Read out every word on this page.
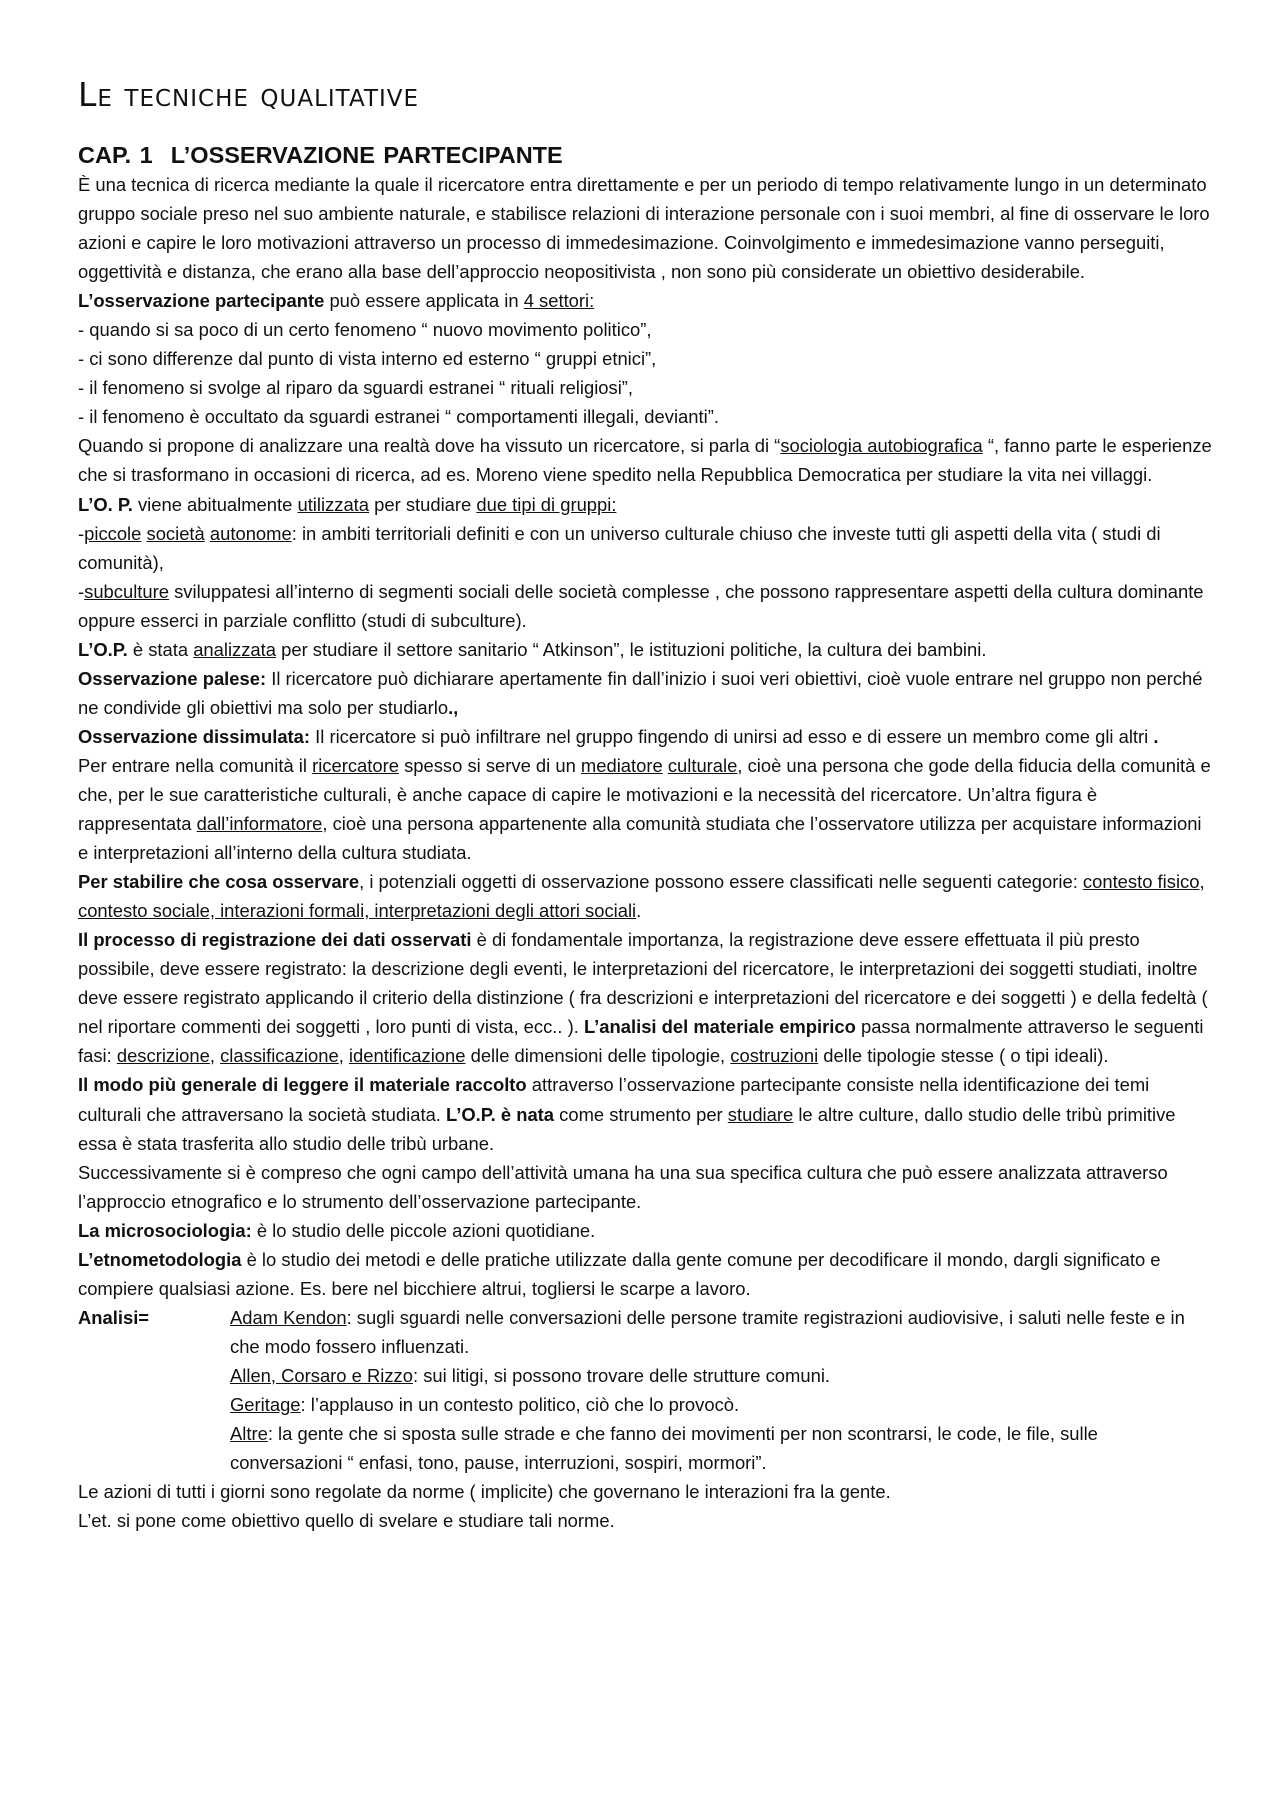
Le tecniche qualitative
CAP. 1 L’OSSERVAZIONE PARTECIPANTE

È una tecnica di ricerca mediante la quale il ricercatore entra direttamente e per un periodo di tempo relativamente lungo in un determinato gruppo sociale preso nel suo ambiente naturale, e stabilisce relazioni di interazione personale con i suoi membri, al fine di osservare le loro azioni e capire le loro motivazioni attraverso un processo di immedesimazione. Coinvolgimento e immedesimazione vanno perseguiti, oggettività e distanza, che erano alla base dell’approccio neopositivista , non sono più considerate un obiettivo desiderabile.

L’osservazione partecipante può essere applicata in 4 settori:

- quando si sa poco di un certo fenomeno “ nuovo movimento politico”,

- ci sono differenze dal punto di vista interno ed esterno “ gruppi etnici”,

- il fenomeno si svolge al riparo da sguardi estranei “ rituali religiosi”,

- il fenomeno è occultato da sguardi estranei “ comportamenti illegali, devianti”.

Quando si propone di analizzare una realtà dove ha vissuto un ricercatore, si parla di “sociologia autobiografica “, fanno parte le esperienze che si trasformano in occasioni di ricerca, ad es. Moreno viene spedito nella Repubblica Democratica per studiare la vita nei villaggi.

L’O. P. viene abitualmente utilizzata per studiare due tipi di gruppi:

-piccole società autonome: in ambiti territoriali definiti e con un universo culturale chiuso che investe tutti gli aspetti della vita ( studi di comunità),

-subculture sviluppatesi all’interno di segmenti sociali delle società complesse , che possono rappresentare aspetti della cultura dominante oppure esserci in parziale conflitto (studi di subculture).

L’O.P. è stata analizzata per studiare il settore sanitario “ Atkinson”, le istituzioni politiche, la cultura dei bambini.

Osservazione palese: Il ricercatore può dichiarare apertamente fin dall’inizio i suoi veri obiettivi, cioè vuole entrare nel gruppo non perché ne condivide gli obiettivi ma solo per studiarlo.,

Osservazione dissimulata: Il ricercatore si può infiltrare nel gruppo fingendo di unirsi ad esso e di essere un membro come gli altri .

Per entrare nella comunità il ricercatore spesso si serve di un mediatore culturale, cioè una persona che gode della fiducia della comunità e che, per le sue caratteristiche culturali, è anche capace di capire le motivazioni e la necessità del ricercatore. Un’altra figura è rappresentata dall’informatore, cioè una persona appartenente alla comunità studiata che l’osservatore utilizza per acquistare informazioni e interpretazioni all’interno della cultura studiata.

Per stabilire che cosa osservare, i potenziali oggetti di osservazione possono essere classificati nelle seguenti categorie: contesto fisico, contesto sociale, interazioni formali, interpretazioni degli attori sociali.

Il processo di registrazione dei dati osservati è di fondamentale importanza, la registrazione deve essere effettuata il più presto possibile, deve essere registrato: la descrizione degli eventi, le interpretazioni del ricercatore, le interpretazioni dei soggetti studiati, inoltre deve essere registrato applicando il criterio della distinzione ( fra descrizioni e interpretazioni del ricercatore e dei soggetti ) e della fedeltà ( nel riportare commenti dei soggetti , loro punti di vista, ecc.. ). L’analisi del materiale empirico passa normalmente attraverso le seguenti fasi: descrizione, classificazione, identificazione delle dimensioni delle tipologie, costruzioni delle tipologie stesse ( o tipi ideali).

Il modo più generale di leggere il materiale raccolto attraverso l’osservazione partecipante consiste nella identificazione dei temi culturali che attraversano la società studiata. L’O.P. è nata come strumento per studiare le altre culture, dallo studio delle tribù primitive essa è stata trasferita allo studio delle tribù urbane.

Successivamente si è compreso che ogni campo dell’attività umana ha una sua specifica cultura che può essere analizzata attraverso l’approccio etnografico e lo strumento dell’osservazione partecipante.

La microsociologia: è lo studio delle piccole azioni quotidiane.

L’etnometodologia è lo studio dei metodi e delle pratiche utilizzate dalla gente comune per decodificare il mondo, dargli significato e compiere qualsiasi azione. Es. bere nel bicchiere altrui, togliersi le scarpe a lavoro.

Analisi=	Adam Kendon: sugli sguardi nelle conversazioni delle persone tramite registrazioni audiovisive, i saluti nelle feste e in che modo fossero influenzati.

Allen, Corsaro e Rizzo: sui litigi, si possono trovare delle strutture comuni.

Geritage: l’applauso in un contesto politico, ciò che lo provocò.

Altre: la gente che si sposta sulle strade e che fanno dei movimenti per non scontrarsi, le code, le file, sulle conversazioni “ enfasi, tono, pause, interruzioni, sospiri, mormori”.

Le azioni di tutti i giorni sono regolate da norme ( implicite) che governano le interazioni fra la gente.

L’et. si pone come obiettivo quello di svelare e studiare tali norme.
